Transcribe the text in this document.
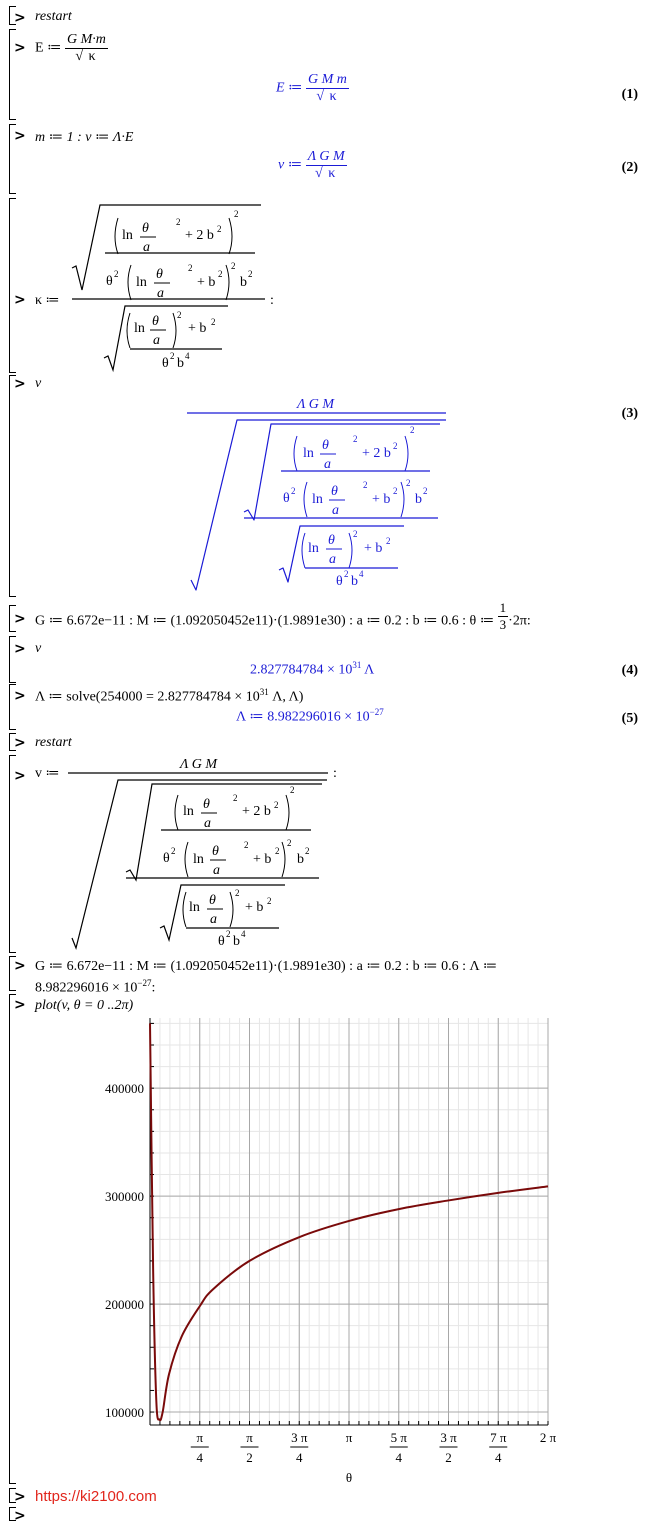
>
>
>
>
>
>
>
>
>
>
>
>
>
>
restart
E ≔ $\frac{\text{G M·m}}{√ \kappa}$
E ≔ $\frac{\text{G M m}}{√ \kappa}$	(1)
m ≔ 1 : v ≔ Λ·E
v ≔ $\frac{\text{Λ G M}}{√ \kappa}$	(2)
κ ≔
ln θ
a
2
+ 2 b 2
2
θ 2
ln
θ
a
2
+ b
2
2
b
2
ln θ
a
2
+ b 2
θ 2 b 4
:
Λ G M
ln
θ
a
2
+ 2 b 2
2
θ 2
ln
θ
a
2
+ b
2
2
b
2
ln
θ
a
2
+ b 2
θ 2 b 4
v ≔
Λ G M
:
ln θ
a
2
+ 2 b 2
2
θ 2
ln
θ
a
2
+ b
2
2
b
2
ln θ
a
2
+ b 2
θ 2 b 4
v
(3)
G ≔ 6.672e−11 : M ≔ (1.092050452e11)·(1.9891e30) : a ≔ 0.2 : b ≔ 0.6 : θ ≔ $\frac{1}{3} \cdot 2\pi$:
v
$2.827784784 \times 10^{31}$ Λ	(4)
Λ ≔ solve(254000 = $2.827784784 \times 10^{31}$ Λ, Λ)
Λ ≔ $8.982296016 \times 10^{-27}$	(5)
restart
G ≔ 6.672e−11 : M ≔ (1.092050452e11)·(1.9891e30) : a ≔ 0.2 : b ≔ 0.6 : Λ ≔
$8.982296016 \times 10^{-27}$:
plot(v, θ = 0 ..2π)
100000
200000
300000
400000
π
4
π
2
3 π
4
π	5 π
4
3 π
2
7 π
4
2 π
θ
https://ki2100.com
